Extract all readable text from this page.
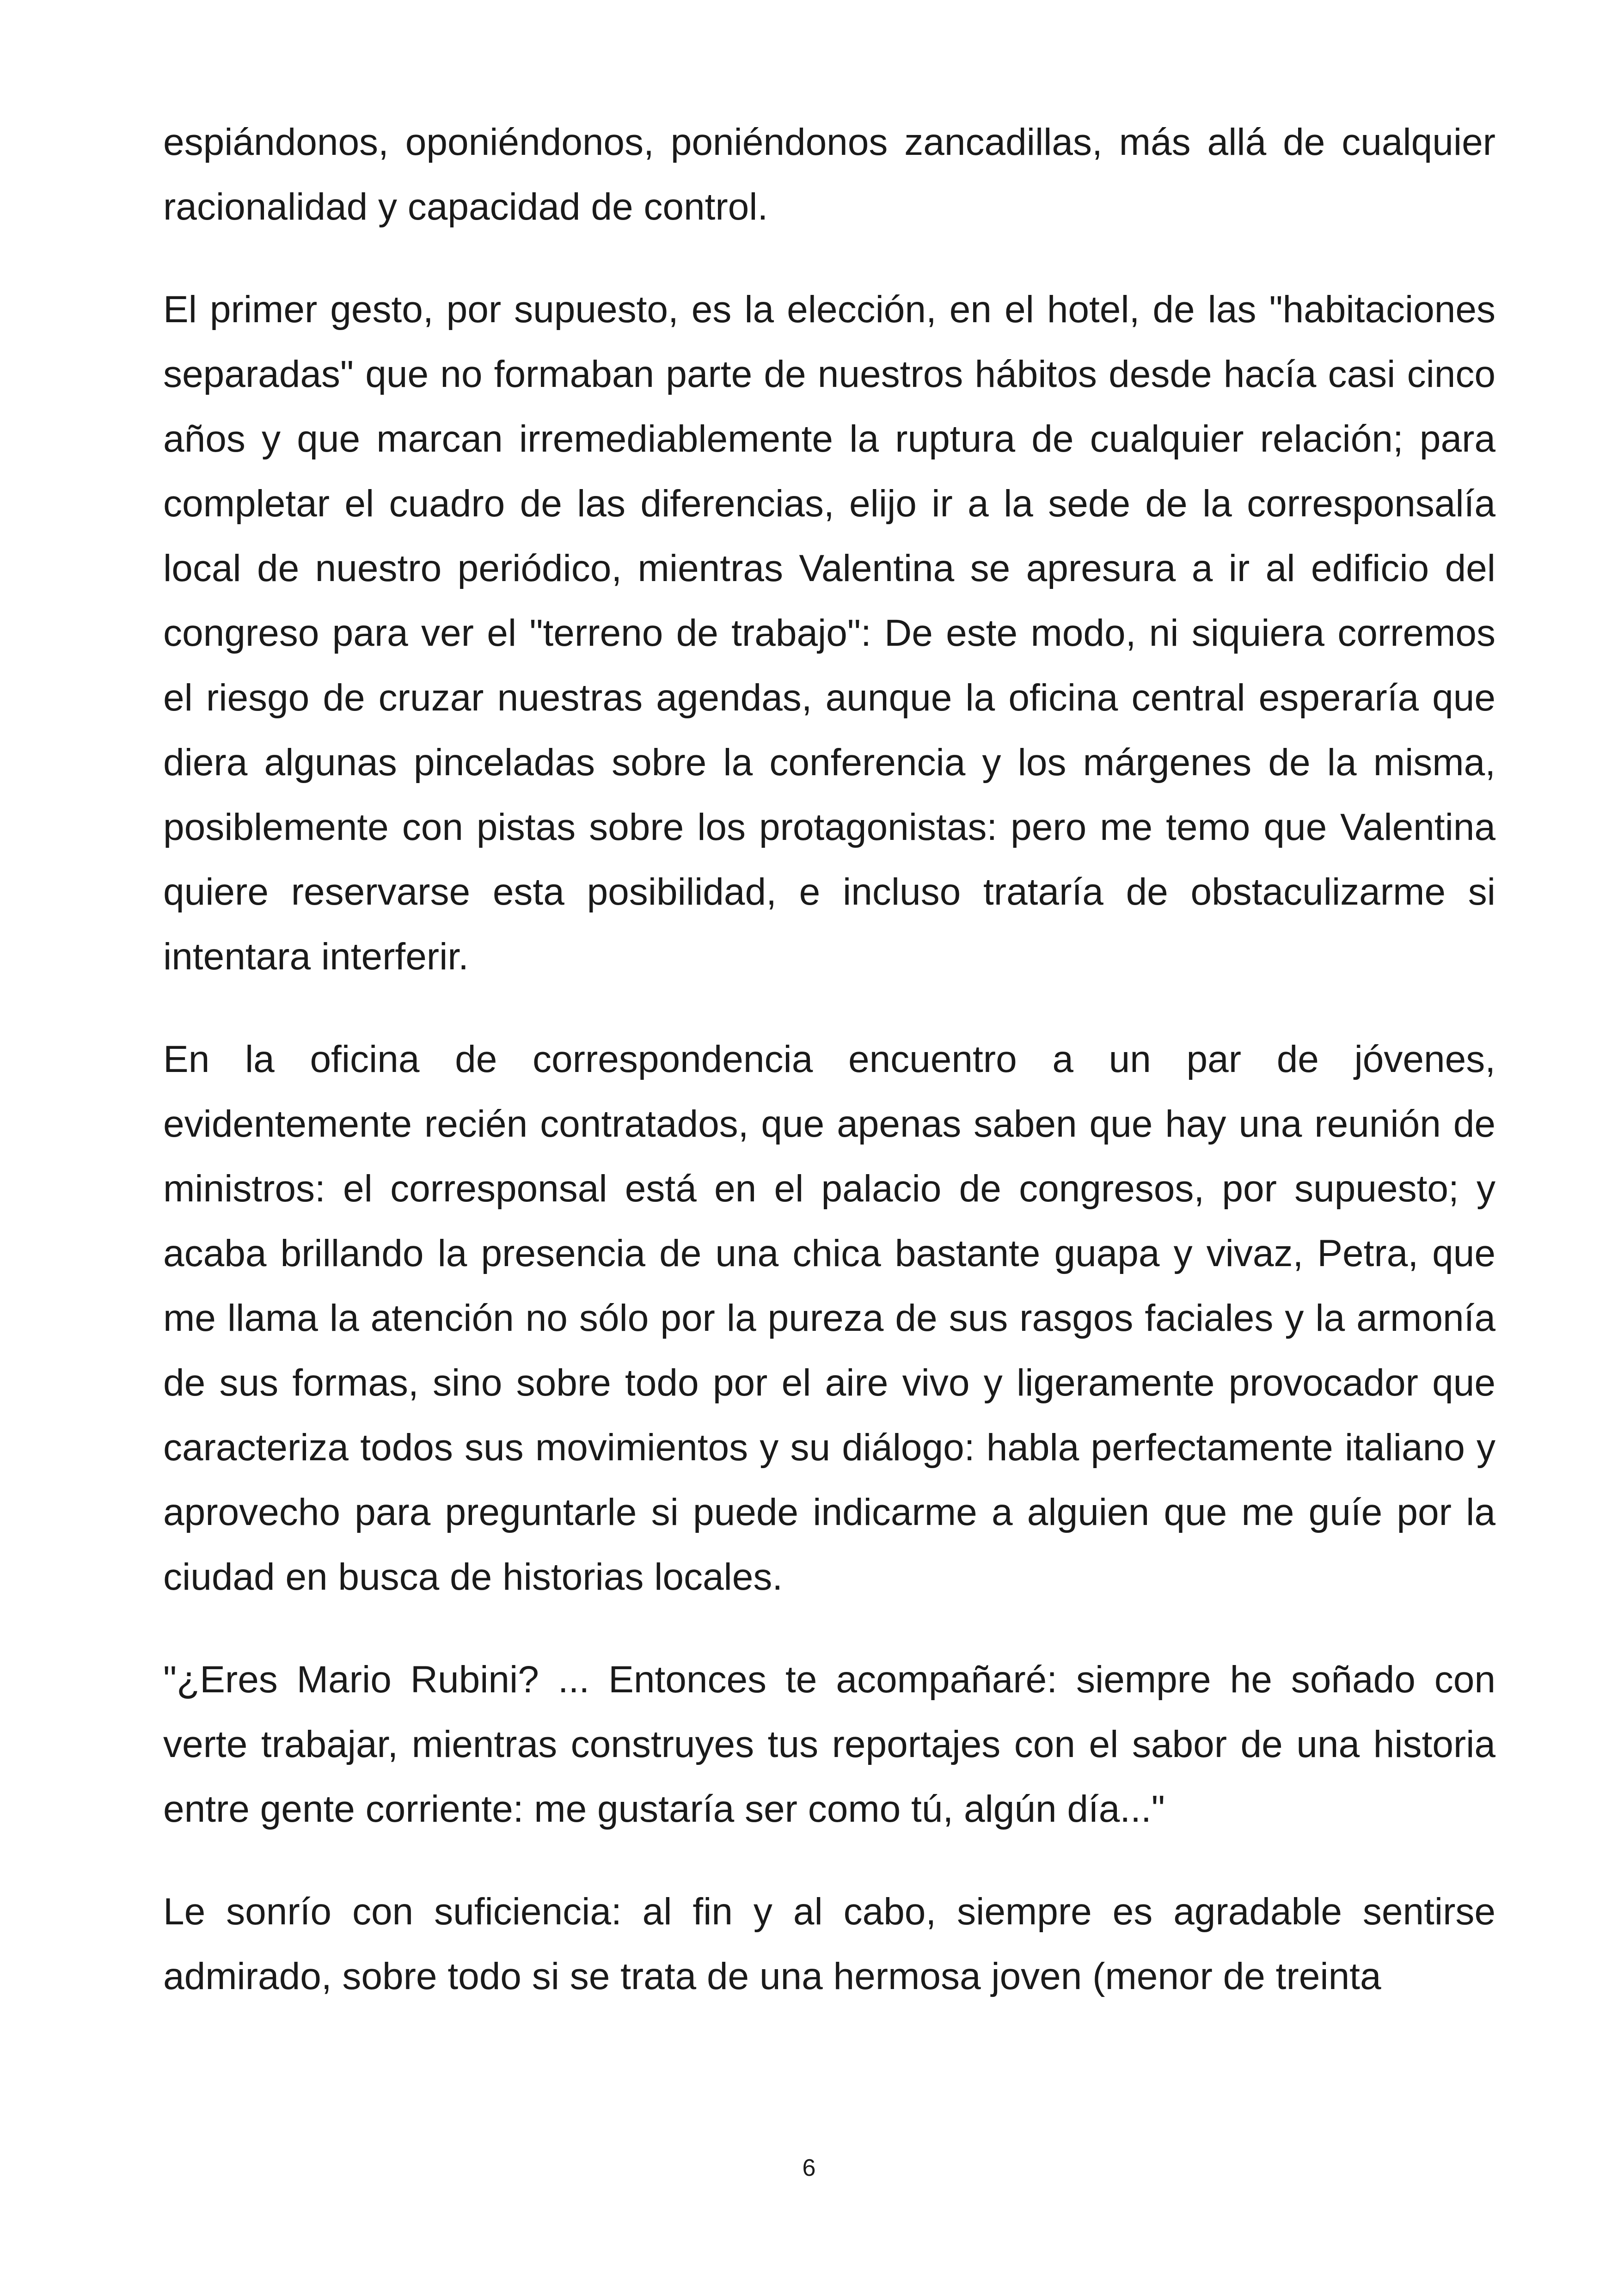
espiándonos, oponiéndonos, poniéndonos zancadillas, más allá de cualquier racionalidad y capacidad de control.

El primer gesto, por supuesto, es la elección, en el hotel, de las "habitaciones separadas" que no formaban parte de nuestros hábitos desde hacía casi cinco años y que marcan irremediablemente la ruptura de cualquier relación; para completar el cuadro de las diferencias, elijo ir a la sede de la corresponsalía local de nuestro periódico, mientras Valentina se apresura a ir al edificio del congreso para ver el "terreno de trabajo": De este modo, ni siquiera corremos el riesgo de cruzar nuestras agendas, aunque la oficina central esperaría que diera algunas pinceladas sobre la conferencia y los márgenes de la misma, posiblemente con pistas sobre los protagonistas: pero me temo que Valentina quiere reservarse esta posibilidad, e incluso trataría de obstaculizarme si intentara interferir.

En la oficina de correspondencia encuentro a un par de jóvenes, evidentemente recién contratados, que apenas saben que hay una reunión de ministros: el corresponsal está en el palacio de congresos, por supuesto; y acaba brillando la presencia de una chica bastante guapa y vivaz, Petra, que me llama la atención no sólo por la pureza de sus rasgos faciales y la armonía de sus formas, sino sobre todo por el aire vivo y ligeramente provocador que caracteriza todos sus movimientos y su diálogo: habla perfectamente italiano y aprovecho para preguntarle si puede indicarme a alguien que me guíe por la ciudad en busca de historias locales.

"¿Eres Mario Rubini? ... Entonces te acompañaré: siempre he soñado con verte trabajar, mientras construyes tus reportajes con el sabor de una historia entre gente corriente: me gustaría ser como tú, algún día..."

Le sonrío con suficiencia: al fin y al cabo, siempre es agradable sentirse admirado, sobre todo si se trata de una hermosa joven (menor de treinta

6
